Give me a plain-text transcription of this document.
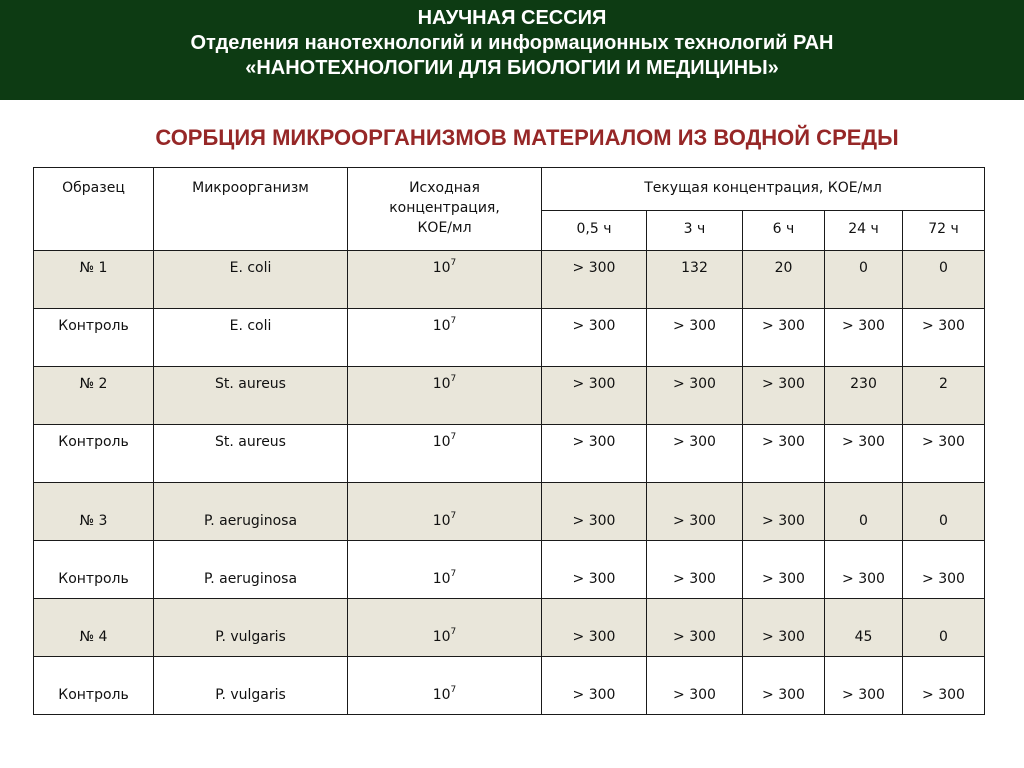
НАУЧНАЯ СЕССИЯ
Отделения нанотехнологий и информационных технологий РАН
«НАНОТЕХНОЛОГИИ ДЛЯ БИОЛОГИИ И МЕДИЦИНЫ»
СОРБЦИЯ МИКРООРГАНИЗМОВ МАТЕРИАЛОМ ИЗ ВОДНОЙ СРЕДЫ
Образец	Микроорганизм	Исходная
концентрация,
КОЕ/мл	Текущая концентрация, КОЕ/мл				

			0,5 ч	3 ч	6 ч	24 ч	72 ч

№ 1	E. coli	$10^7$	> 300	132	20	0	0

Контроль	E. coli	$10^7$	> 300	> 300	> 300	> 300	> 300

№ 2	St. aureus	$10^7$	> 300	> 300	> 300	230	2

Контроль	St. aureus	$10^7$	> 300	> 300	> 300	> 300	> 300

№ 3	P. aeruginosa	$10^7$	> 300	> 300	> 300	0	0

Контроль	P. aeruginosa	$10^7$	> 300	> 300	> 300	> 300	> 300

№ 4	P. vulgaris	$10^7$	> 300	> 300	> 300	45	0

Контроль	P. vulgaris	$10^7$	> 300	> 300	> 300	> 300	> 300
